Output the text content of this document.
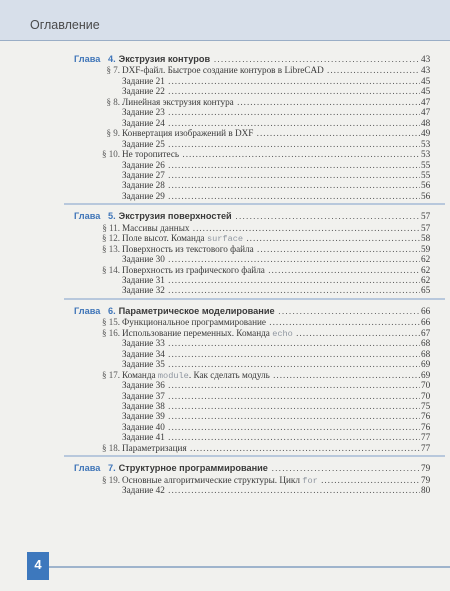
Оглавление
Глава 4. Экструзия контуров .....	43
§ 7. DXF-файл. Быстрое создание контуров в LibreCAD .....	43
Задание 21 .....	45
Задание 22 .....	45
§ 8. Линейная экструзия контура .....	47
Задание 23 .....	47
Задание 24 .....	48
§ 9. Конвертация изображений в DXF .....	49
Задание 25 .....	53
§ 10. Не торопитесь .....	53
Задание 26 .....	55
Задание 27 .....	55
Задание 28 .....	56
Задание 29 .....	56
Глава 5. Экструзия поверхностей .....	57
§ 11. Массивы данных .....	57
§ 12. Поле высот. Команда surface .....	58
§ 13. Поверхность из текстового файла .....	59
Задание 30 .....	62
§ 14. Поверхность из графического файла .....	62
Задание 31 .....	62
Задание 32 .....	65
Глава 6. Параметрическое моделирование .....	66
§ 15. Функциональное программирование .....	66
§ 16. Использование переменных. Команда echo .....	67
Задание 33 .....	68
Задание 34 .....	68
Задание 35 .....	69
§ 17. Команда module. Как сделать модуль .....	69
Задание 36 .....	70
Задание 37 .....	70
Задание 38 .....	75
Задание 39 .....	76
Задание 40 .....	76
Задание 41 .....	77
§ 18. Параметризация .....	77
Глава 7. Структурное программирование .....	79
§ 19. Основные алгоритмические структуры. Цикл for .....	79
Задание 42 .....	80
4
